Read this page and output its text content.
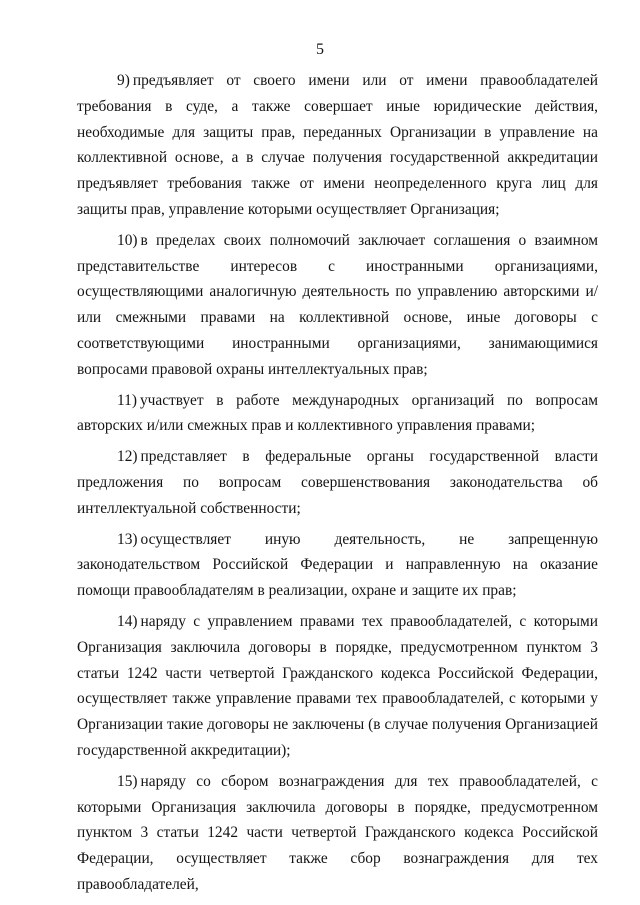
5

9) предъявляет от своего имени или от имени правообладателей требования в суде, а также совершает иные юридические действия, необходимые для защиты прав, переданных Организации в управление на коллективной основе, а в случае получения государственной аккредитации предъявляет требования также от имени неопределенного круга лиц для защиты прав, управление которыми осуществляет Организация;

10) в пределах своих полномочий заключает соглашения о взаимном представительстве интересов с иностранными организациями, осуществляющими аналогичную деятельность по управлению авторскими и/или смежными правами на коллективной основе, иные договоры с соответствующими иностранными организациями, занимающимися вопросами правовой охраны интеллектуальных прав;

11) участвует в работе международных организаций по вопросам авторских и/или смежных прав и коллективного управления правами;

12) представляет в федеральные органы государственной власти предложения по вопросам совершенствования законодательства об интеллектуальной собственности;

13) осуществляет иную деятельность, не запрещенную законодательством Российской Федерации и направленную на оказание помощи правообладателям в реализации, охране и защите их прав;

14) наряду с управлением правами тех правообладателей, с которыми Организация заключила договоры в порядке, предусмотренном пунктом 3 статьи 1242 части четвертой Гражданского кодекса Российской Федерации, осуществляет также управление правами тех правообладателей, с которыми у Организации такие договоры не заключены (в случае получения Организацией государственной аккредитации);

15) наряду со сбором вознаграждения для тех правообладателей, с которыми Организация заключила договоры в порядке, предусмотренном пунктом 3 статьи 1242 части четвертой Гражданского кодекса Российской Федерации, осуществляет также сбор вознаграждения для тех правообладателей,
